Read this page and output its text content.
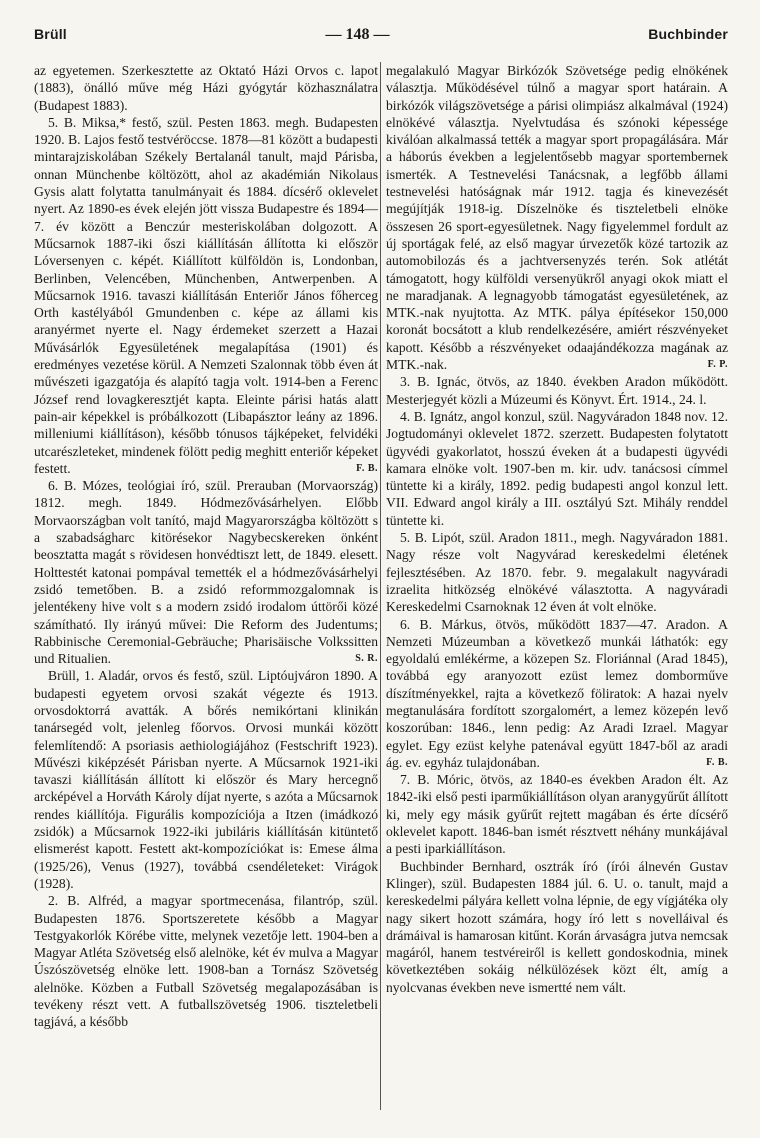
Brüll	— 148 —	Buchbinder

az egyetemen. Szerkesztette az Oktató Házi Orvos c. lapot (1883), önálló műve még Házi gyógytár közhasználatra (Budapest 1883).

5. B. Miksa,* festő, szül. Pesten 1863. megh. Budapesten 1920. B. Lajos festő testvéröccse. 1878—81 között a budapesti mintarajziskolában Székely Bertalanál tanult, majd Párisba, onnan Münchenbe költözött, ahol az akadémián Nikolaus Gysis alatt folytatta tanulmányait és 1884. dícsérő oklevelet nyert. Az 1890-es évek elején jött vissza Budapestre és 1894—7. év között a Benczúr mesteriskolában dolgozott. A Műcsarnok 1887-iki őszi kiállításán állította ki először Lóversenyen c. képét. Kiállított külföldön is, Londonban, Berlinben, Velencében, Münchenben, Antwerpenben. A Műcsarnok 1916. tavaszi kiállításán Enteriőr János főherceg Orth kastélyából Gmundenben c. képe az állami kis aranyérmet nyerte el. Nagy érdemeket szerzett a Hazai Művásárlók Egyesületének megalapítása (1901) és eredményes vezetése körül. A Nemzeti Szalonnak több éven át művészeti igazgatója és alapító tagja volt. 1914-ben a Ferenc József rend lovagkeresztjét kapta. Eleinte párisi hatás alatt pain-air képekkel is próbálkozott (Libapásztor leány az 1896. milleniumi kiállításon), később tónusos tájképeket, felvidéki utcarészleteket, mindenek fölött pedig meghitt enteriőr képeket festett.	F. B.

6. B. Mózes, teológiai író, szül. Prerauban (Morvaország) 1812. megh. 1849. Hódmezővásárhelyen. Előbb Morvaországban volt tanító, majd Magyarországba költözött s a szabadságharc kitörésekor Nagybecskereken önként beosztatta magát s rövidesen honvédtiszt lett, de 1849. elesett. Holttestét katonai pompával temették el a hódmezővásárhelyi zsidó temetőben. B. a zsidó reformmozgalomnak is jelentékeny hive volt s a modern zsidó irodalom úttörői közé számítható. Ily irányú művei: Die Reform des Judentums; Rabbinische Ceremonial-Gebräuche; Pharisäische Volkssitten und Ritualien.	S. R.

Brüll, 1. Aladár, orvos és festő, szül. Liptóujváron 1890. A budapesti egyetem orvosi szakát végezte és 1913. orvosdoktorrá avatták. A bőrés nemikórtani klinikán tanársegéd volt, jelenleg főorvos. Orvosi munkái között felemlítendő: A psoriasis aethiologiájához (Festschrift 1923). Művészi kiképzését Párisban nyerte. A Műcsarnok 1921-iki tavaszi kiállításán állított ki először és Mary hercegnő arcképével a Horváth Károly díjat nyerte, s azóta a Műcsarnok rendes kiállítója. Figurális kompozíciója a Itzen (imádkozó zsidók) a Műcsarnok 1922-iki jubiláris kiállításán kitüntető elismerést kapott. Festett akt-kompozíciókat is: Emese álma (1925/26), Venus (1927), továbbá csendéleteket: Virágok (1928).

2. B. Alfréd, a magyar sportmecenása, filantróp, szül. Budapesten 1876. Sportszeretete később a Magyar Testgyakorlók Körébe vitte, melynek vezetője lett. 1904-ben a Magyar Atléta Szövetség első alelnöke, két év mulva a Magyar Úszószövetség elnöke lett. 1908-ban a Tornász Szövetség alelnöke. Közben a Futball Szövetség megalapozásában is tevékeny részt vett. A futballszövetség 1906. tiszteletbeli tagjává, a később

megalakuló Magyar Birkózók Szövetsége pedig elnökének választja. Működésével túlnő a magyar sport határain. A birkózók világszövetsége a párisi olimpiász alkalmával (1924) elnökévé választja. Nyelvtudása és szónoki képessége kiválóan alkalmassá tették a magyar sport propagálására. Már a háborús években a legjelentősebb magyar sportembernek ismerték. A Testnevelési Tanácsnak, a legfőbb állami testnevelési hatóságnak már 1912. tagja és kinevezését megújítják 1918-ig. Díszelnöke és tiszteletbeli elnöke összesen 26 sport-egyesületnek. Nagy figyelemmel fordult az új sportágak felé, az első magyar úrvezetők közé tartozik az automobilozás és a jachtversenyzés terén. Sok atlétát támogatott, hogy külföldi versenyükről anyagi okok miatt el ne maradjanak. A legnagyobb támogatást egyesületének, az MTK.-nak nyujtotta. Az MTK. pálya építésekor 150,000 koronát bocsátott a klub rendelkezésére, amiért részvényeket kapott. Később a részvényeket odaajándékozza magának az MTK.-nak.	F. P.

3. B. Ignác, ötvös, az 1840. években Aradon működött. Mesterjegyét közli a Múzeumi és Könyvt. Ért. 1914., 24. l.

4. B. Ignátz, angol konzul, szül. Nagyváradon 1848 nov. 12. Jogtudományi oklevelet 1872. szerzett. Budapesten folytatott ügyvédi gyakorlatot, hosszú éveken át a budapesti ügyvédi kamara elnöke volt. 1907-ben m. kir. udv. tanácsosi címmel tüntette ki a király, 1892. pedig budapesti angol konzul lett. VII. Edward angol király a III. osztályú Szt. Mihály renddel tüntette ki.

5. B. Lipót, szül. Aradon 1811., megh. Nagyváradon 1881. Nagy része volt Nagyvárad kereskedelmi életének fejlesztésében. Az 1870. febr. 9. megalakult nagyváradi izraelita hitközség elnökévé választotta. A nagyváradi Kereskedelmi Csarnoknak 12 éven át volt elnöke.

6. B. Márkus, ötvös, működött 1837—47. Aradon. A Nemzeti Múzeumban a következő munkái láthatók: egy egyoldalú emlékérme, a közepen Sz. Floriánnal (Arad 1845), továbbá egy aranyozott ezüst lemez domborműve díszítményekkel, rajta a következő föliratok: A hazai nyelv megtanulására fordított szorgalomért, a lemez közepén levő koszorúban: 1846., lenn pedig: Az Aradi Izrael. Magyar egylet. Egy ezüst kelyhe patenával együtt 1847-ből az aradi ág. ev. egyház tulajdonában.	F. B.

7. B. Móric, ötvös, az 1840-es években Aradon élt. Az 1842-iki első pesti iparműkiállításon olyan aranygyűrűt állított ki, mely egy másik gyűrűt rejtett magában és érte dícsérő oklevelet kapott. 1846-ban ismét résztvett néhány munkájával a pesti iparkiállításon.

Buchbinder Bernhard, osztrák író (írói álnevén Gustav Klinger), szül. Budapesten 1884 júl. 6. U. o. tanult, majd a kereskedelmi pályára kellett volna lépnie, de egy vígjátéka oly nagy sikert hozott számára, hogy író lett s novelláival és drámáival is hamarosan kitűnt. Korán árvaságra jutva nemcsak magáról, hanem testvéreiről is kellett gondoskodnia, minek következtében sokáig nélkülözések közt élt, amíg a nyolcvanas években neve ismertté nem vált.
